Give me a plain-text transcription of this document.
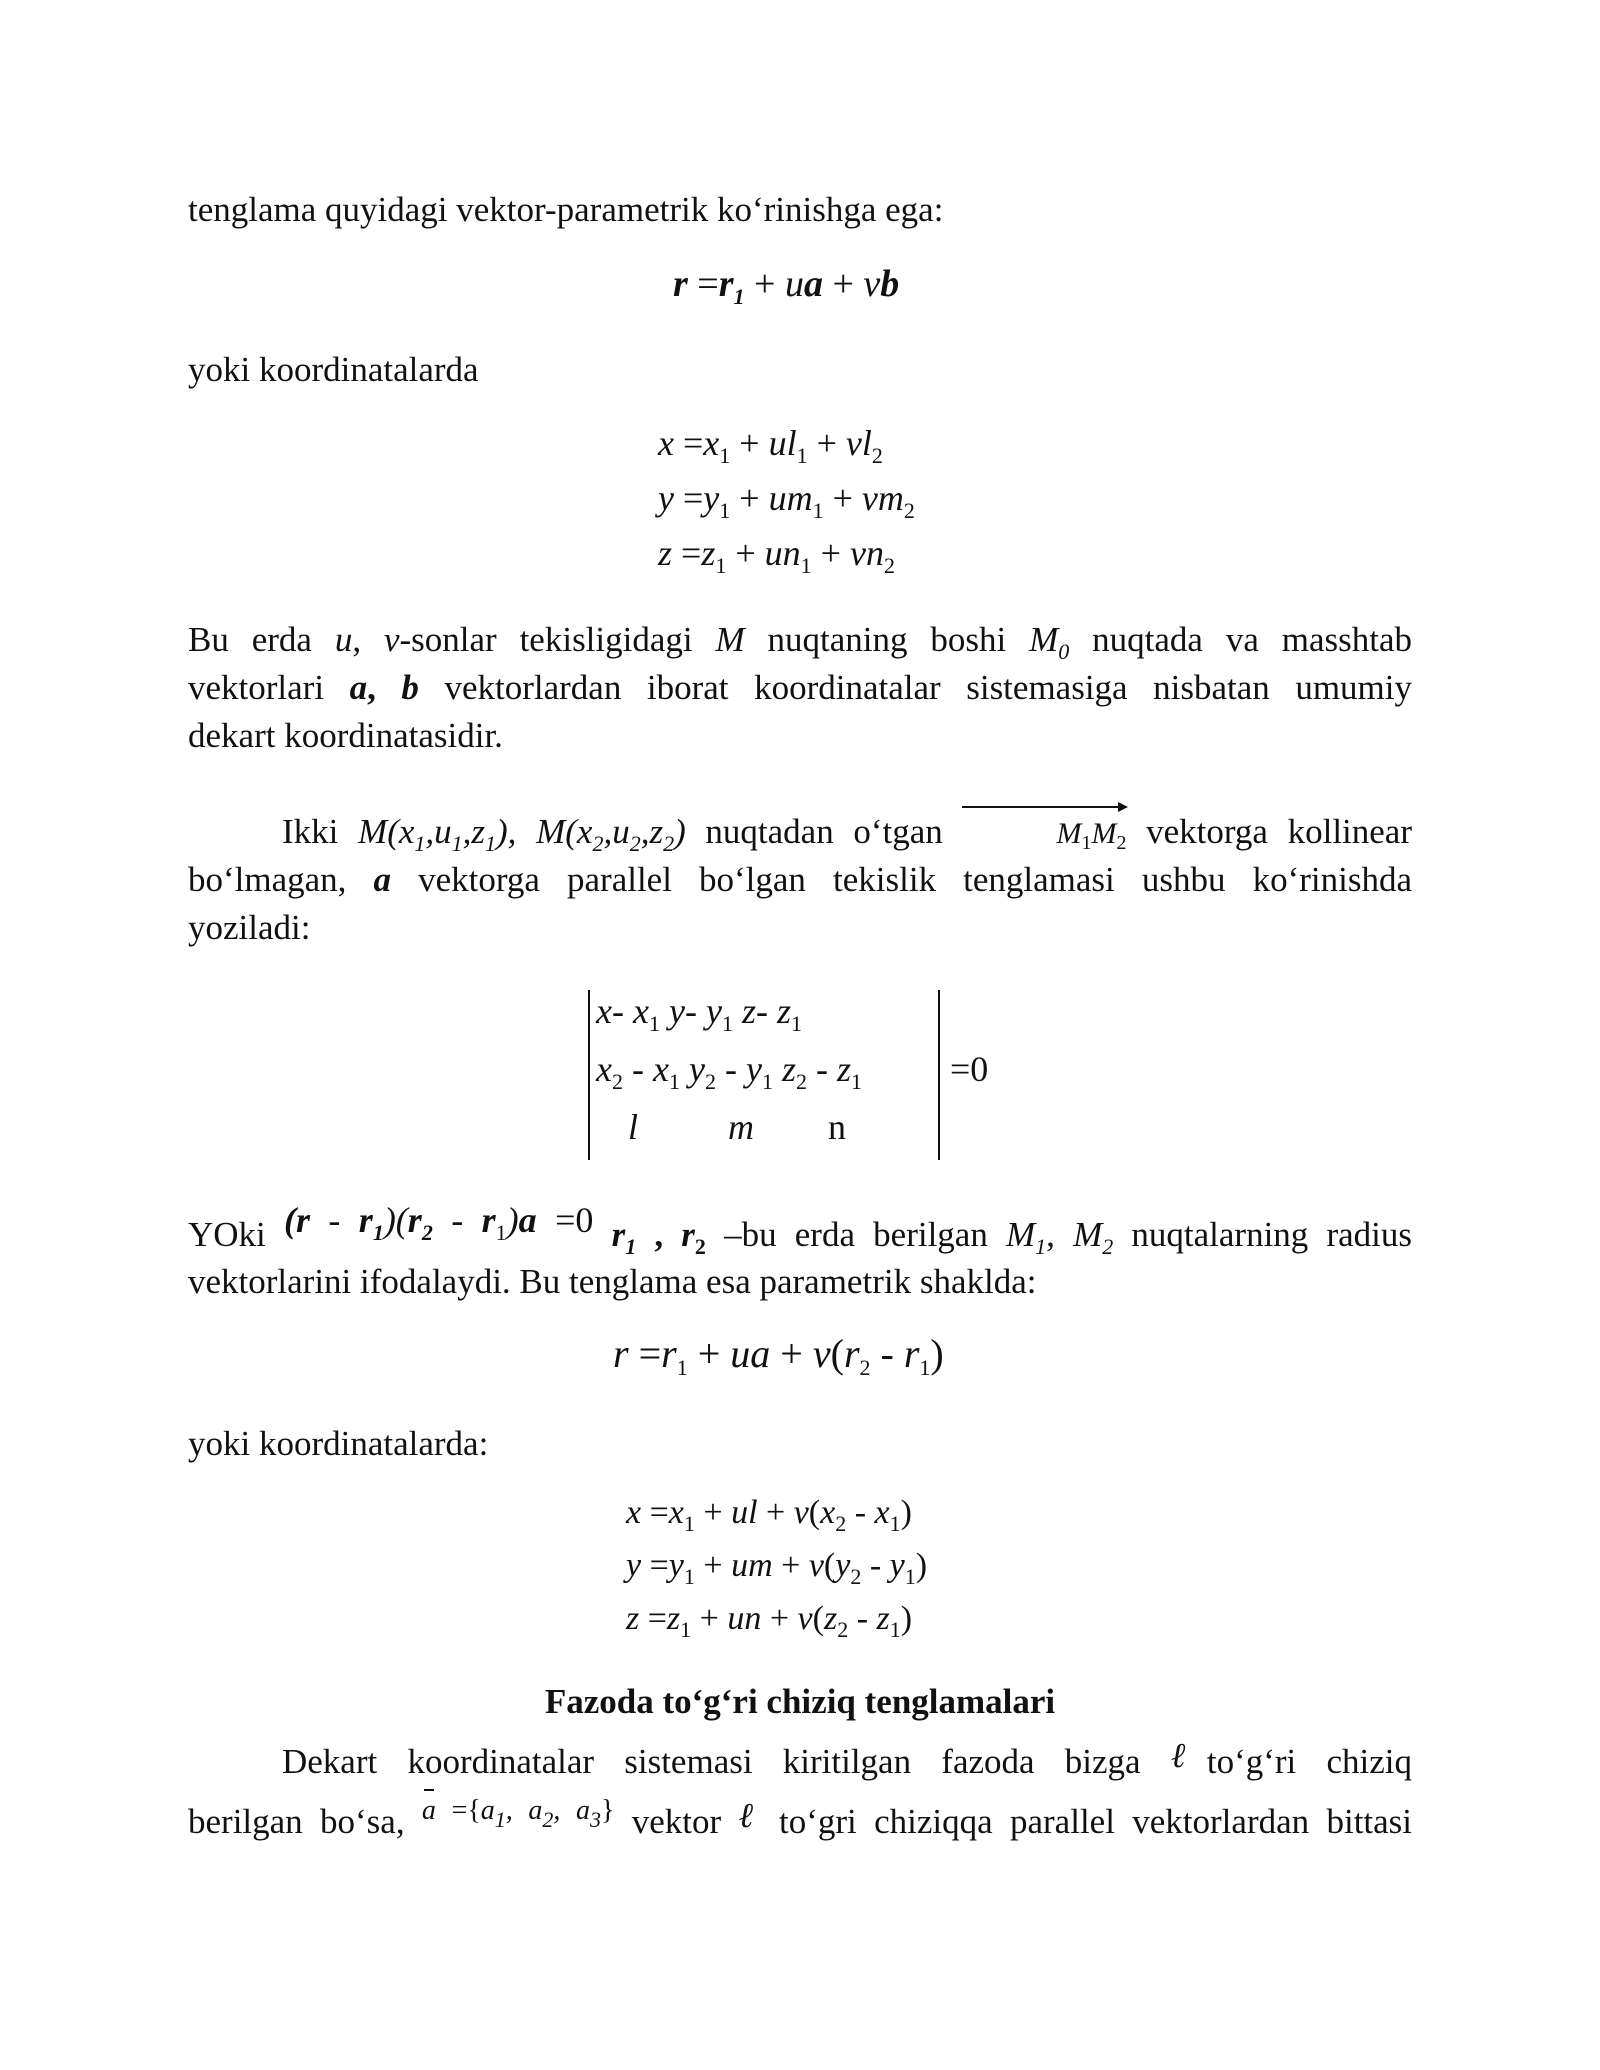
tenglama quyidagi vektor-parametrik ko‘rinishga ega:
$r =r_1$ + ua + vb
yoki koordinatalarda
$x =x_1 + ul_1 + vl_2$
$y =y_1 + um_1 + vm_2$
$z =z_1 + un_1 + vn_2$
Bu erda u, v-sonlar tekisligidagi M nuqtaning boshi $M_0$ nuqtada va masshtab
vektorlari a, b vektorlardan iborat koordinatalar sistemasiga nisbatan umumiy
dekart koordinatasidir.
Ikki $M(x_1,u_1,z_1)$, $M(x_2,u_2,z_2)$ nuqtadan o‘tgan	$M_1M_2$ vektorga kollinear
bo‘lmagan, a vektorga parallel bo‘lgan tekislik tenglamasi ushbu ko‘rinishda
yoziladi:
x- $x_1$ y- $y_1$ z- $z_1$
$x_2 - x_1$ $y_2 - y_1$ $z_2 - z_1$
l m n
=0
YOki $(r - r_1)(r_2 - r_1)a =0$ $r_1$ , $r_2$ –bu erda berilgan $M_1$, $M_2$ nuqtalarning radius
vektorlarini ifodalaydi. Bu tenglama esa parametrik shakldа:
$r =r_1$ + ua + $v(r_2 - r_1)$
yoki koordinatalarda:
$x =x_1$ + ul + $v(x_2 - x_1)$
$y =y_1$ + um + $v(y_2 - y_1)$
$z =z_1$ + un + $v(z_2 - z_1)$
Fazoda to‘g‘ri chiziq tenglamalari
Dekart koordinatalar sistemasi kiritilgan fazoda bizga ℓto‘g‘ri chiziq
berilgan bo‘sa, $^{a =\{a_1, a_2, a_3\}}$ vektor ℓ to‘gri chiziqqa parallel vektorlardan bittasi
